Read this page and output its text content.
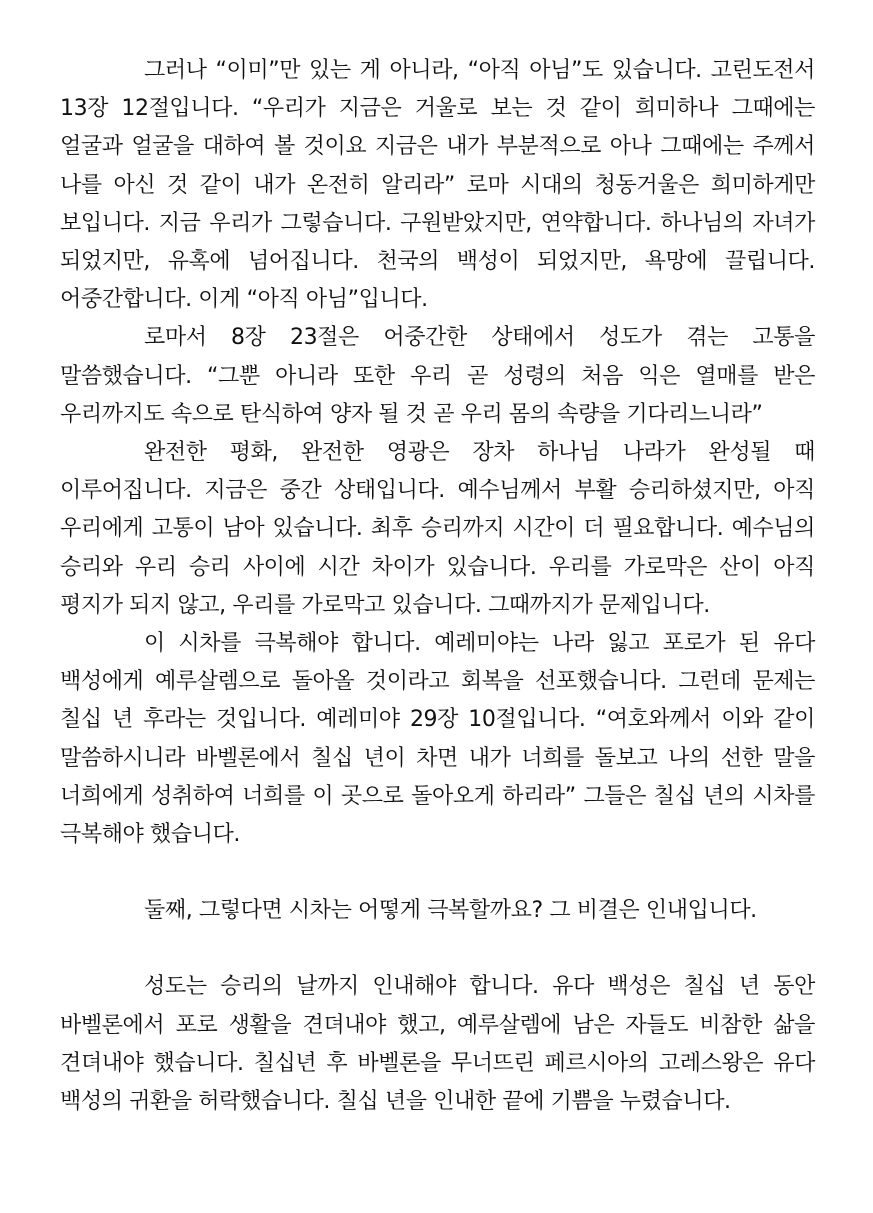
그러나 “이미”만 있는 게 아니라, “아직 아님”도 있습니다. 고린도전서 13장 12절입니다. “우리가 지금은 거울로 보는 것 같이 희미하나 그때에는 얼굴과 얼굴을 대하여 볼 것이요 지금은 내가 부분적으로 아나 그때에는 주께서 나를 아신 것 같이 내가 온전히 알리라” 로마 시대의 청동거울은 희미하게만 보입니다. 지금 우리가 그렇습니다. 구원받았지만, 연약합니다. 하나님의 자녀가 되었지만, 유혹에 넘어집니다. 천국의 백성이 되었지만, 욕망에 끌립니다. 어중간합니다. 이게 “아직 아님”입니다.

로마서 8장 23절은 어중간한 상태에서 성도가 겪는 고통을 말씀했습니다. “그뿐 아니라 또한 우리 곧 성령의 처음 익은 열매를 받은 우리까지도 속으로 탄식하여 양자 될 것 곧 우리 몸의 속량을 기다리느니라”

완전한 평화, 완전한 영광은 장차 하나님 나라가 완성될 때 이루어집니다. 지금은 중간 상태입니다. 예수님께서 부활 승리하셨지만, 아직 우리에게 고통이 남아 있습니다. 최후 승리까지 시간이 더 필요합니다. 예수님의 승리와 우리 승리 사이에 시간 차이가 있습니다. 우리를 가로막은 산이 아직 평지가 되지 않고, 우리를 가로막고 있습니다. 그때까지가 문제입니다.

이 시차를 극복해야 합니다. 예레미야는 나라 잃고 포로가 된 유다 백성에게 예루살렘으로 돌아올 것이라고 회복을 선포했습니다. 그런데 문제는 칠십 년 후라는 것입니다. 예레미야 29장 10절입니다. “여호와께서 이와 같이 말씀하시니라 바벨론에서 칠십 년이 차면 내가 너희를 돌보고 나의 선한 말을 너희에게 성취하여 너희를 이 곳으로 돌아오게 하리라” 그들은 칠십 년의 시차를 극복해야 했습니다.

둘째, 그렇다면 시차는 어떻게 극복할까요? 그 비결은 인내입니다.

성도는 승리의 날까지 인내해야 합니다. 유다 백성은 칠십 년 동안 바벨론에서 포로 생활을 견뎌내야 했고, 예루살렘에 남은 자들도 비참한 삶을 견뎌내야 했습니다. 칠십년 후 바벨론을 무너뜨린 페르시아의 고레스왕은 유다 백성의 귀환을 허락했습니다. 칠십 년을 인내한 끝에 기쁨을 누렸습니다.
